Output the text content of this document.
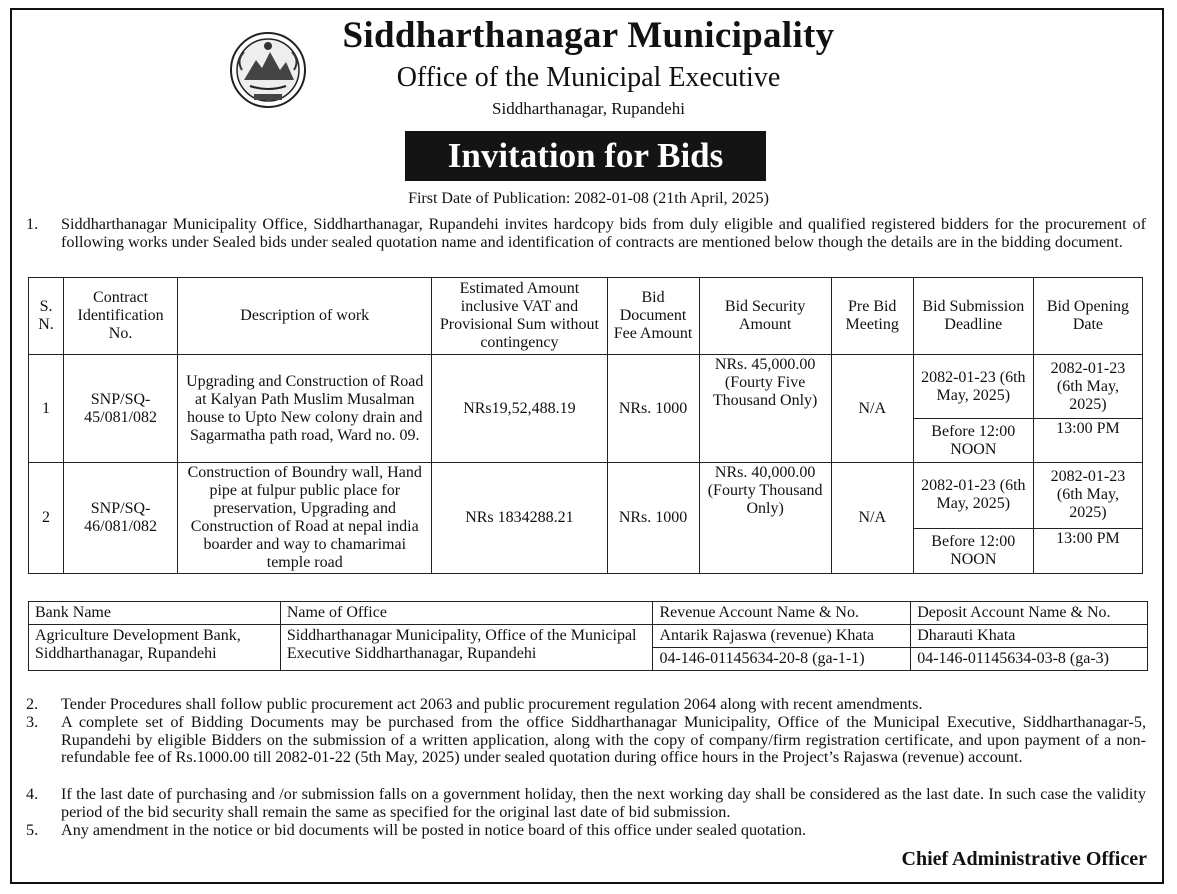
Siddharthanagar Municipality
Office of the Municipal Executive
Siddharthanagar, Rupandehi
Invitation for Bids
First Date of Publication: 2082-01-08 (21th April, 2025)
1. Siddharthanagar Municipality Office, Siddharthanagar, Rupandehi invites hardcopy bids from duly eligible and qualified registered bidders for the procurement of following works under Sealed bids under sealed quotation name and identification of contracts are mentioned below though the details are in the bidding document.
S. N.	Contract Identification No.	Description of work	Estimated Amount inclusive VAT and Provisional Sum without contingency	Bid Document Fee Amount	Bid Security Amount	Pre Bid Meeting	Bid Submission Deadline	Bid Opening Date
1	SNP/SQ-45/081/082	Upgrading and Construction of Road at Kalyan Path Muslim Musalman house to Upto New colony drain and Sagarmatha path road, Ward no. 09.	NRs19,52,488.19	NRs. 1000	NRs. 45,000.00 (Fourty Five Thousand Only)	N/A	2082-01-23 (6th May, 2025)	2082-01-23 (6th May, 2025)
							Before 12:00 NOON	13:00 PM
2	SNP/SQ-46/081/082	Construction of Boundry wall, Hand pipe at fulpur public place for preservation, Upgrading and Construction of Road at nepal india boarder and way to chamarimai temple road	NRs 1834288.21	NRs. 1000	NRs. 40,000.00 (Fourty Thousand Only)	N/A	2082-01-23 (6th May, 2025)	2082-01-23 (6th May, 2025)
							Before 12:00 NOON	13:00 PM
Bank Name	Name of Office	Revenue Account Name & No.	Deposit Account Name & No.
Agriculture Development Bank, Siddharthanagar, Rupandehi	Siddharthanagar Municipality, Office of the Municipal Executive Siddharthanagar, Rupandehi	Antarik Rajaswa (revenue) Khata	Dharauti Khata
		04-146-01145634-20-8 (ga-1-1)	04-146-01145634-03-8 (ga-3)
2. Tender Procedures shall follow public procurement act 2063 and public procurement regulation 2064 along with recent amendments.
3. A complete set of Bidding Documents may be purchased from the office Siddharthanagar Municipality, Office of the Municipal Executive, Siddharthanagar-5, Rupandehi by eligible Bidders on the submission of a written application, along with the copy of company/firm registration certificate, and upon payment of a non-refundable fee of Rs.1000.00 till 2082-01-22 (5th May, 2025) under sealed quotation during office hours in the Project’s Rajaswa (revenue) account.
4. If the last date of purchasing and /or submission falls on a government holiday, then the next working day shall be considered as the last date. In such case the validity period of the bid security shall remain the same as specified for the original last date of bid submission.
5. Any amendment in the notice or bid documents will be posted in notice board of this office under sealed quotation.
Chief Administrative Officer
